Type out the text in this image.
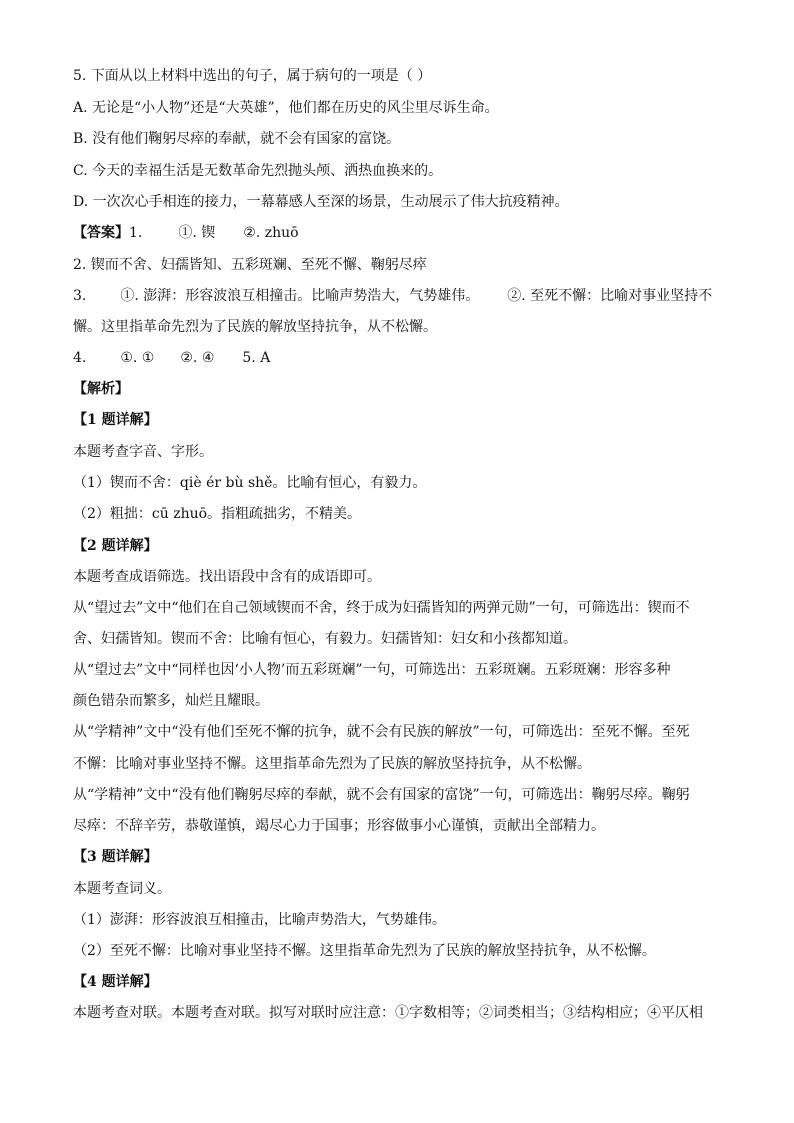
5. 下面从以上材料中选出的句子，属于病句的一项是（ ）
A. 无论是“小人物”还是“大英雄”，他们都在历史的风尘里尽诉生命。
B. 没有他们鞠躬尽瘁的奉献，就不会有国家的富饶。
C. 今天的幸福生活是无数革命先烈抛头颅、洒热血换来的。
D. 一次次心手相连的接力，一幕幕感人至深的场景，生动展示了伟大抗疫精神。
【答案】1.	①. 锲 ②. zhuō
2. 锲而不舍、妇孺皆知、五彩斑斓、至死不懈、鞠躬尽瘁
3. ①. 澎湃：形容波浪互相撞击。比喻声势浩大，气势雄伟。 ②. 至死不懈：比喻对事业坚持不
懈。这里指革命先烈为了民族的解放坚持抗争，从不松懈。
4. ①. ① ②. ④ 5. A
【解析】
【1 题详解】
本题考查字音、字形。
（1）锲而不舍：qiè ér bù shě。比喻有恒心，有毅力。
（2）粗拙：cū zhuō。指粗疏拙劣，不精美。
【2 题详解】
本题考查成语筛选。找出语段中含有的成语即可。
从“望过去”文中“他们在自己领域锲而不舍，终于成为妇孺皆知的两弹元勋”一句，可筛选出：锲而不
舍、妇孺皆知。锲而不舍：比喻有恒心，有毅力。妇孺皆知：妇女和小孩都知道。
从“望过去”文中“同样也因‘小人物’而五彩斑斓”一句，可筛选出：五彩斑斓。五彩斑斓：形容多种
颜色错杂而繁多，灿烂且耀眼。
从“学精神”文中“没有他们至死不懈的抗争，就不会有民族的解放”一句，可筛选出：至死不懈。至死
不懈：比喻对事业坚持不懈。这里指革命先烈为了民族的解放坚持抗争，从不松懈。
从“学精神”文中“没有他们鞠躬尽瘁的奉献，就不会有国家的富饶”一句，可筛选出：鞠躬尽瘁。鞠躬
尽瘁：不辞辛劳，恭敬谨慎，竭尽心力于国事；形容做事小心谨慎，贡献出全部精力。
【3 题详解】
本题考查词义。
（1）澎湃：形容波浪互相撞击，比喻声势浩大，气势雄伟。
（2）至死不懈：比喻对事业坚持不懈。这里指革命先烈为了民族的解放坚持抗争，从不松懈。
【4 题详解】
本题考查对联。本题考查对联。拟写对联时应注意：①字数相等；②词类相当；③结构相应；④平仄相
